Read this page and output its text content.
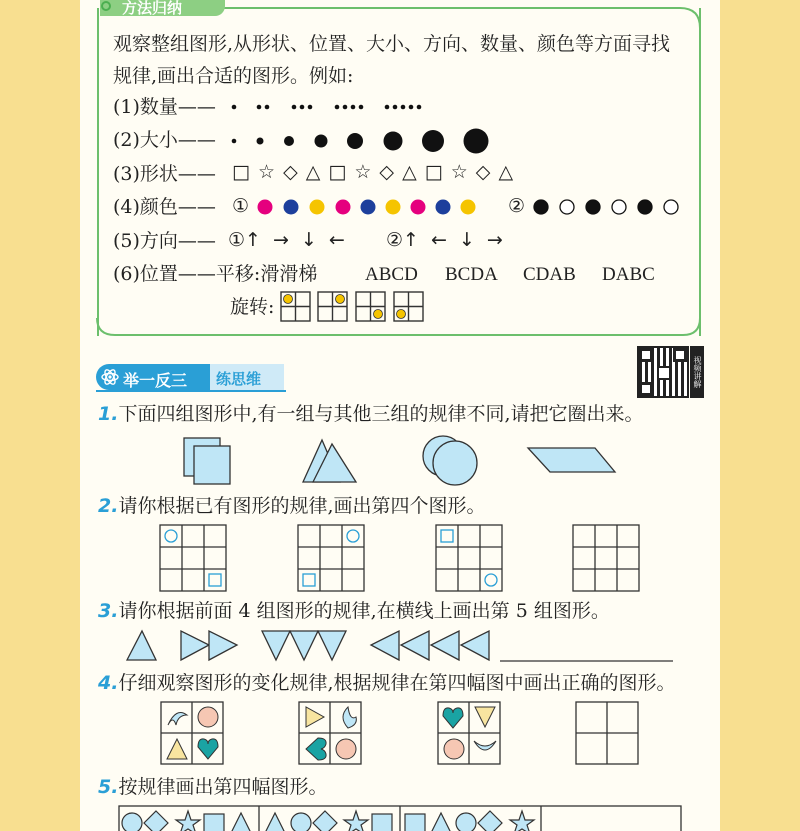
方法归纳
观察整组图形,从形状、位置、大小、方向、数量、颜色等方面寻找
规律,画出合适的图形。例如:
(1)数量——
(2)大小——
(3)形状—— □ ☆ ◇ △ □ ☆ ◇ △ □ ☆ ◇ △
(4)颜色—— ①	②
(5)方向—— ①↑ → ↓ ← ②↑ ← ↓ →
(6)位置——平移:滑滑梯	ABCD BCDA CDAB DABC
旋转:
举一反三 练思维	视频讲解
1.下面四组图形中,有一组与其他三组的规律不同,请把它圈出来。
2.请你根据已有图形的规律,画出第四个图形。
3.请你根据前面 4 组图形的规律,在横线上画出第 5 组图形。
4.仔细观察图形的变化规律,根据规律在第四幅图中画出正确的图形。
5.按规律画出第四幅图形。
